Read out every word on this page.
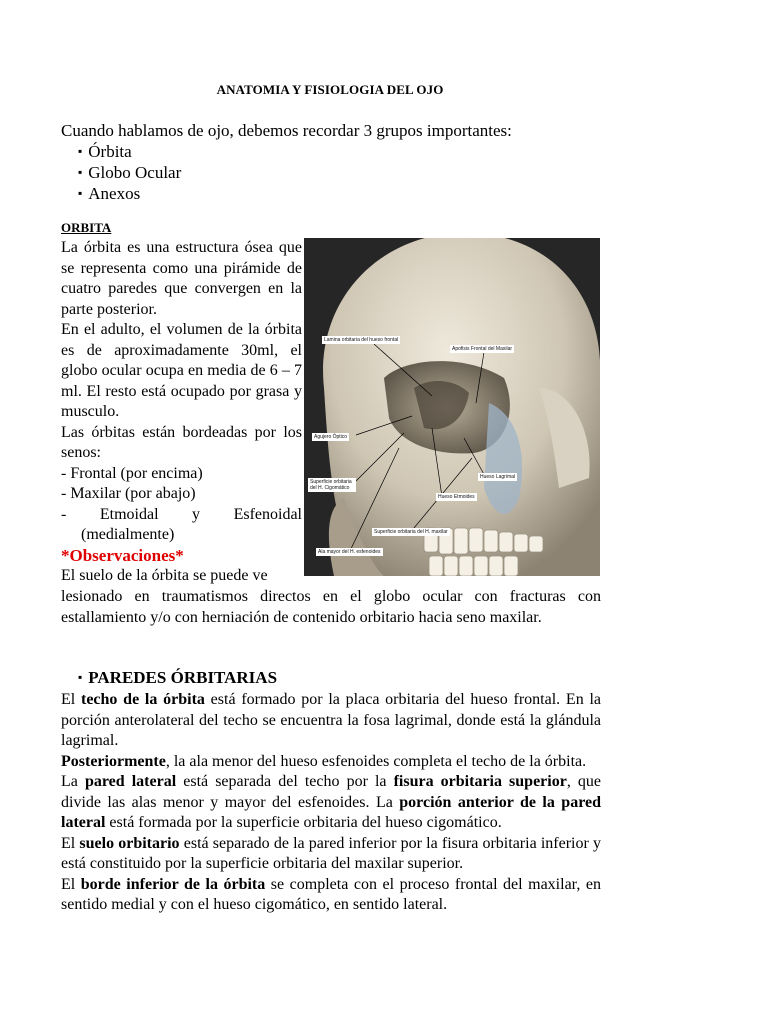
ANATOMIA Y FISIOLOGIA DEL OJO
Cuando hablamos de ojo, debemos recordar 3 grupos importantes:
▪ Órbita
▪ Globo Ocular
▪ Anexos
ORBITA

La órbita es una estructura ósea que se representa como una pirámide de cuatro paredes que convergen en la parte posterior.

En el adulto, el volumen de la órbita es de aproximadamente 30ml, el globo ocular ocupa en media de 6 – 7 ml. El resto está ocupado por grasa y musculo.

Las órbitas están bordeadas por los senos:

- Frontal (por encima)

- Maxilar (por abajo)

- Etmoidal y Esfenoidal

(medialmente)

*Observaciones*

El suelo de la órbita se puede ve

lesionado en traumatismos directos en el globo ocular con fracturas con estallamiento y/o con herniación de contenido orbitario hacia seno maxilar.
Lamina orbitaria del hueso frontal
Apofisis Frontal del Maxilar
Agujero Óptico
Hueso Lagrimal
Superficie orbitaria del H. Cigomático
Hueso Etmoides
Superficie orbitaria del H. maxilar
Ala mayor del H. esfenoides
▪ PAREDES ÓRBITARIAS

El techo de la órbita está formado por la placa orbitaria del hueso frontal. En la porción anterolateral del techo se encuentra la fosa lagrimal, donde está la glándula lagrimal.

Posteriormente, la ala menor del hueso esfenoides completa el techo de la órbita.

La pared lateral está separada del techo por la fisura orbitaria superior, que divide las alas menor y mayor del esfenoides. La porción anterior de la pared lateral está formada por la superficie orbitaria del hueso cigomático.

El suelo orbitario está separado de la pared inferior por la fisura orbitaria inferior y está constituido por la superficie orbitaria del maxilar superior.

El borde inferior de la órbita se completa con el proceso frontal del maxilar, en sentido medial y con el hueso cigomático, en sentido lateral.
